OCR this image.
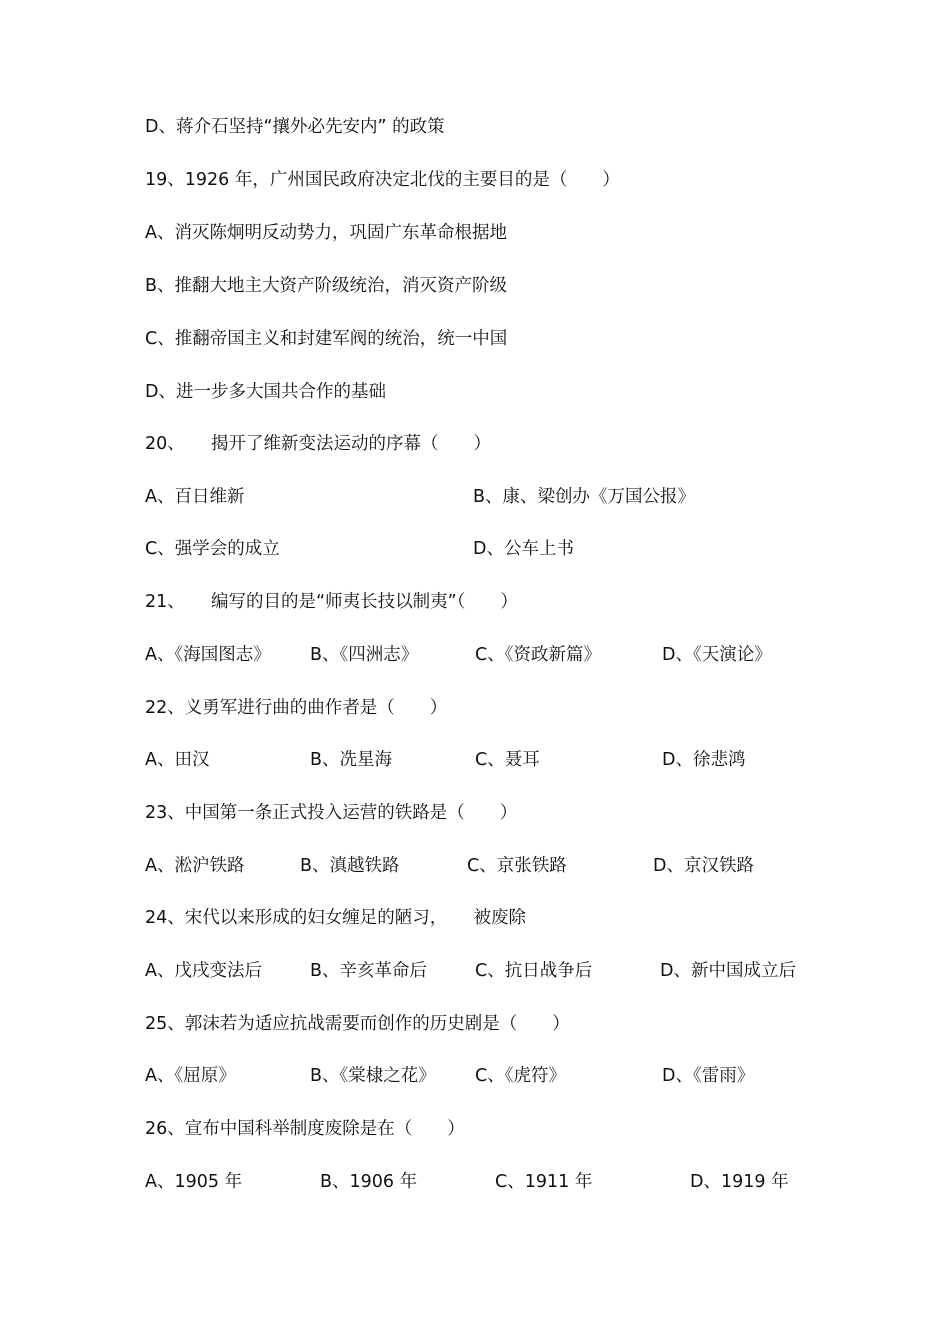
D、蒋介石坚持“攘外必先安内” 的政策
19、1926 年，广州国民政府决定北伐的主要目的是（　　）
A、消灭陈炯明反动势力，巩固广东革命根据地
B、推翻大地主大资产阶级统治，消灭资产阶级
C、推翻帝国主义和封建军阀的统治，统一中国
D、进一步多大国共合作的基础
20、　　揭开了维新变法运动的序幕（　　）
A、百日维新	B、康、梁创办《万国公报》
C、强学会的成立	D、公车上书
21、　　编写的目的是“师夷长技以制夷”（　　）
A、《海国图志》 B、《四洲志》	C、《资政新篇》	D、《天演论》
22、义勇军进行曲的曲作者是（　　）
A、田汉	B、冼星海	C、聂耳	D、徐悲鸿
23、中国第一条正式投入运营的铁路是（　　）
A、淞沪铁路	B、滇越铁路	C、京张铁路	D、京汉铁路
24、宋代以来形成的妇女缠足的陋习，　　被废除
A、戊戌变法后	B、辛亥革命后	C、抗日战争后	D、新中国成立后
25、郭沫若为适应抗战需要而创作的历史剧是（　　）
A、《屈原》	B、《棠棣之花》 C、《虎符》	D、《雷雨》
26、宣布中国科举制度废除是在（　　）
A、1905 年	B、1906 年	C、1911 年	D、1919 年
